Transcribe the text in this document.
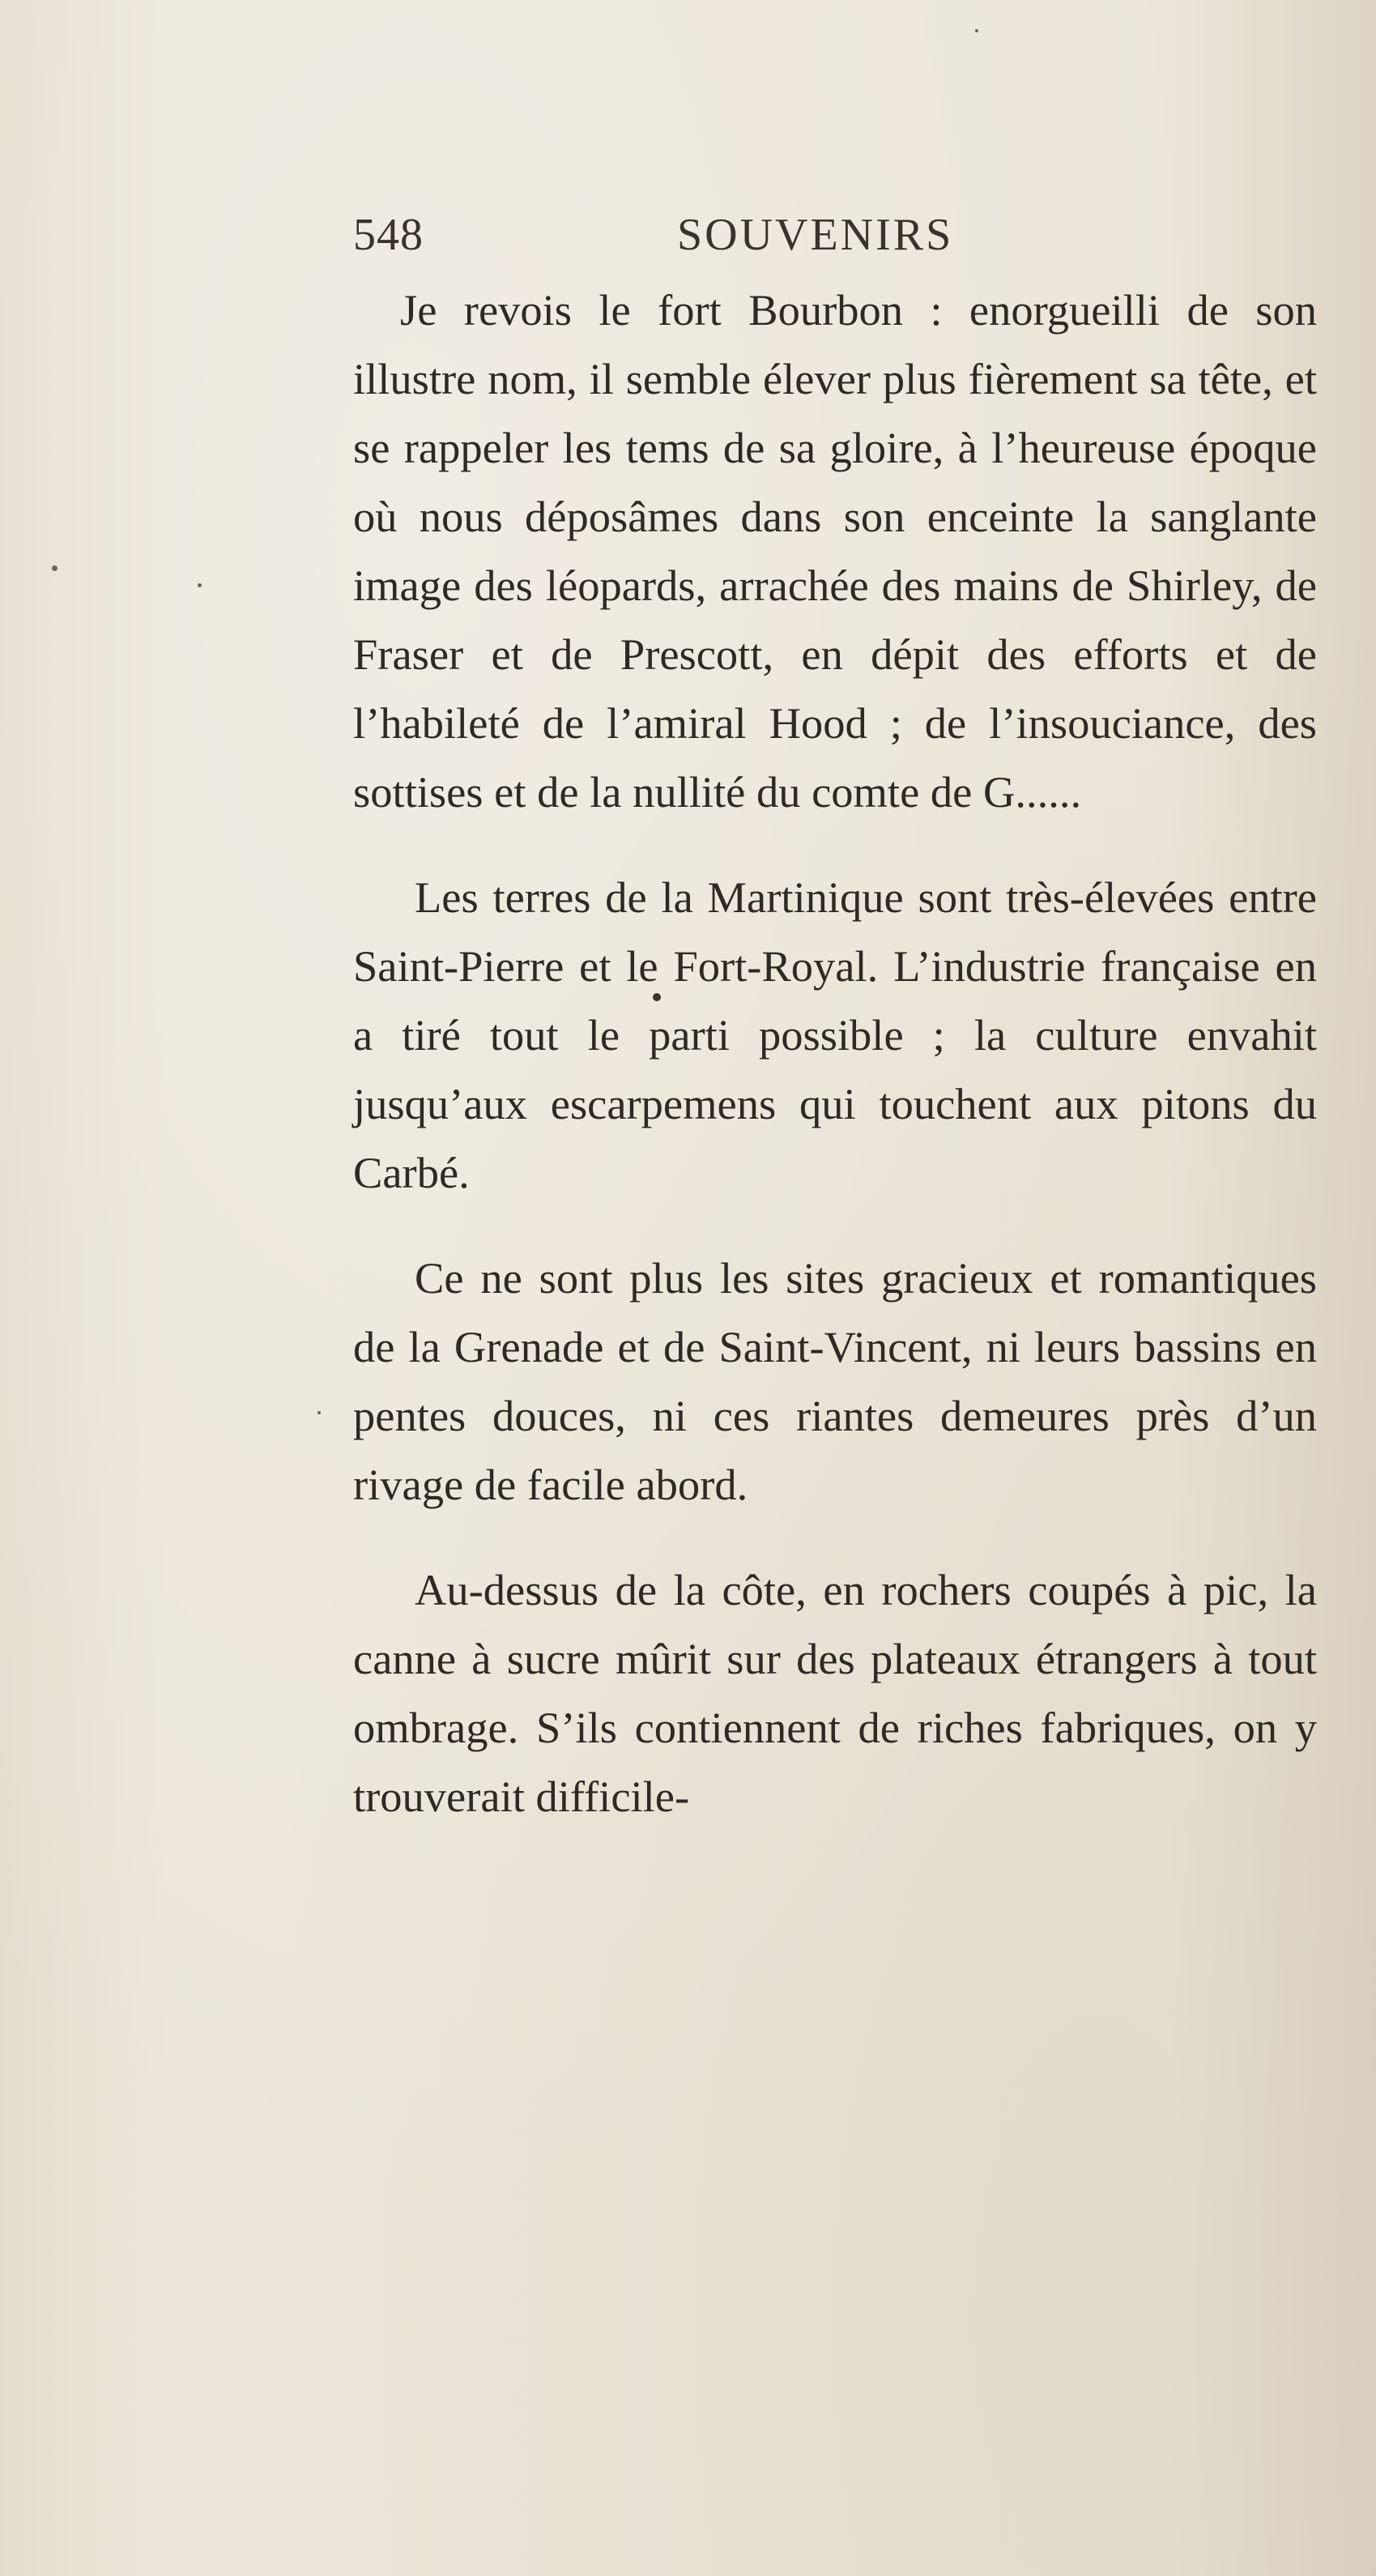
548	SOUVENIRS

Je revois le fort Bourbon : enorgueilli de son illustre nom, il semble élever plus fièrement sa tête, et se rappeler les tems de sa gloire, à l’heureuse époque où nous déposâmes dans son enceinte la sanglante image des léopards, arrachée des mains de Shirley, de Fraser et de Prescott, en dépit des efforts et de l’habileté de l’amiral Hood ; de l’insouciance, des sottises et de la nullité du comte de G......

Les terres de la Martinique sont très-élevées entre Saint-Pierre et le Fort-Royal. L’industrie française en a tiré tout le parti possible ; la culture envahit jusqu’aux escarpemens qui touchent aux pitons du Carbé.

Ce ne sont plus les sites gracieux et romantiques de la Grenade et de Saint-Vincent, ni leurs bassins en pentes douces, ni ces riantes demeures près d’un rivage de facile abord.

Au-dessus de la côte, en rochers coupés à pic, la canne à sucre mûrit sur des plateaux étrangers à tout ombrage. S’ils contiennent de riches fabriques, on y trouverait difficile-
